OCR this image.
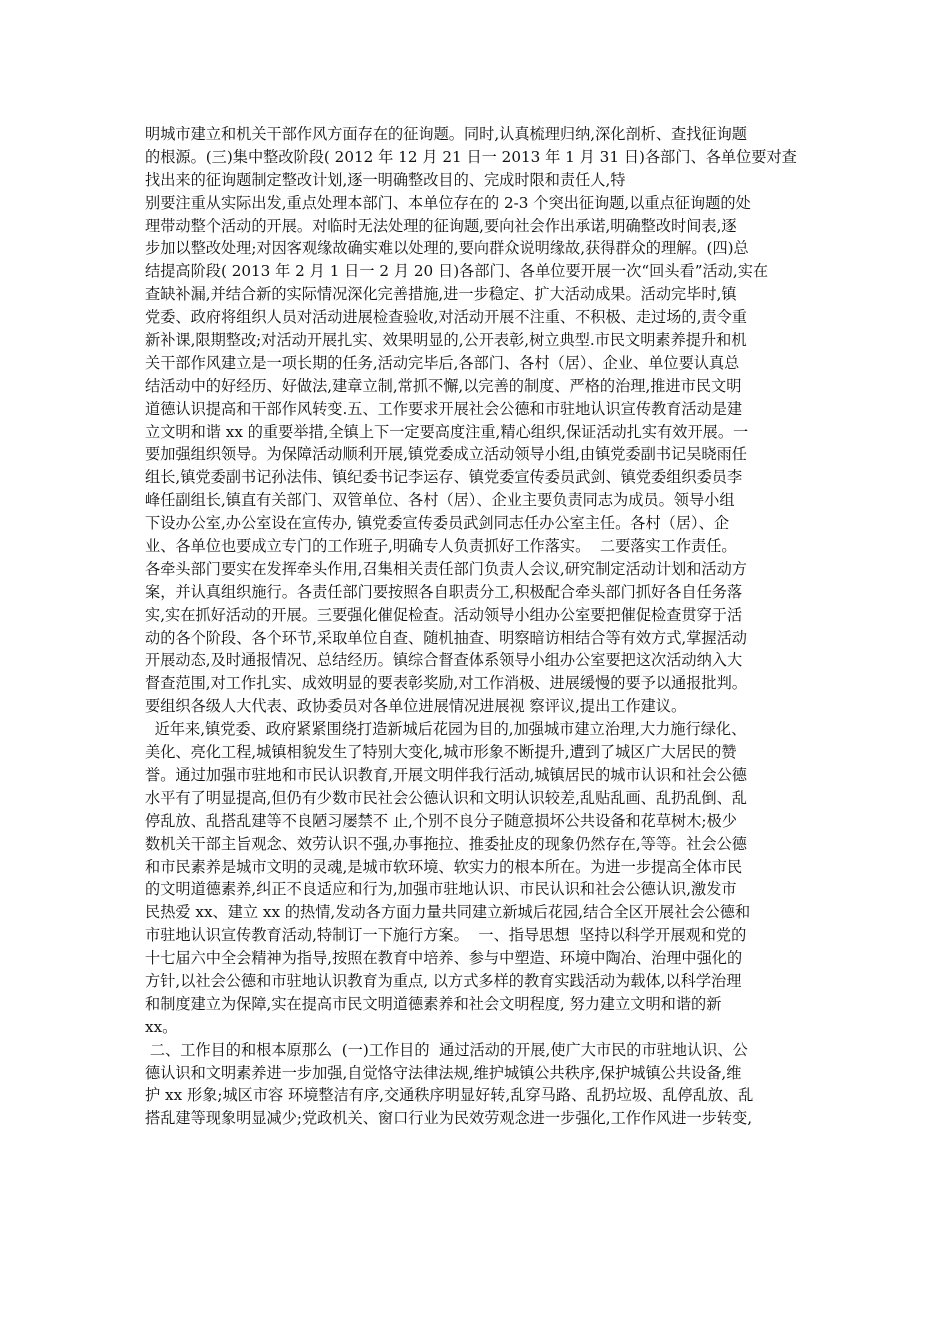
明城市建立和机关干部作风方面存在的征询题。同时,认真梳理归纳,深化剖析、查找征询题
的根源。(三)集中整改阶段( 2012 年 12 月 21 日一 2013 年 1 月 31 日)各部门、各单位要对查
找出来的征询题制定整改计划,逐一明确整改目的、完成时限和责任人,特
别要注重从实际出发,重点处理本部门、本单位存在的 2-3 个突出征询题,以重点征询题的处
理带动整个活动的开展。对临时无法处理的征询题,要向社会作出承诺,明确整改时间表,逐
步加以整改处理;对因客观缘故确实难以处理的,要向群众说明缘故,获得群众的理解。(四)总
结提高阶段( 2013 年 2 月 1 日一 2 月 20 日)各部门、各单位要开展一次“回头看”活动,实在
查缺补漏,并结合新的实际情况深化完善措施,进一步稳定、扩大活动成果。活动完毕时,镇
党委、政府将组织人员对活动进展检查验收,对活动开展不注重、不积极、走过场的,责令重
新补课,限期整改;对活动开展扎实、效果明显的,公开表彰,树立典型.市民文明素养提升和机
关干部作风建立是一项长期的任务,活动完毕后,各部门、各村（居）、企业、单位要认真总
结活动中的好经历、好做法,建章立制,常抓不懈,以完善的制度、严格的治理,推进市民文明
道德认识提高和干部作风转变.五、工作要求开展社会公德和市驻地认识宣传教育活动是建
立文明和谐 xx 的重要举措,全镇上下一定要高度注重,精心组织,保证活动扎实有效开展。一
要加强组织领导。为保障活动顺利开展,镇党委成立活动领导小组,由镇党委副书记吴晓雨任
组长,镇党委副书记孙法伟、镇纪委书记李运存、镇党委宣传委员武剑、镇党委组织委员李
峰任副组长,镇直有关部门、双管单位、各村（居）、企业主要负责同志为成员。领导小组
下设办公室,办公室设在宣传办, 镇党委宣传委员武剑同志任办公室主任。各村（居）、企
业、各单位也要成立专门的工作班子,明确专人负责抓好工作落实。  二要落实工作责任。
各牵头部门要实在发挥牵头作用,召集相关责任部门负责人会议,研究制定活动计划和活动方
案，并认真组织施行。各责任部门要按照各自职责分工,积极配合牵头部门抓好各自任务落
实,实在抓好活动的开展。三要强化催促检查。活动领导小组办公室要把催促检查贯穿于活
动的各个阶段、各个环节,采取单位自查、随机抽查、明察暗访相结合等有效方式,掌握活动
开展动态,及时通报情况、总结经历。镇综合督查体系领导小组办公室要把这次活动纳入大
督查范围,对工作扎实、成效明显的要表彰奖励,对工作消极、进展缓慢的要予以通报批判。
要组织各级人大代表、政协委员对各单位进展情况进展视 察评议,提出工作建议。
近年来,镇党委、政府紧紧围绕打造新城后花园为目的,加强城市建立治理,大力施行绿化、
美化、亮化工程,城镇相貌发生了特别大变化,城市形象不断提升,遭到了城区广大居民的赞
誉。通过加强市驻地和市民认识教育,开展文明伴我行活动,城镇居民的城市认识和社会公德
水平有了明显提高,但仍有少数市民社会公德认识和文明认识较差,乱贴乱画、乱扔乱倒、乱
停乱放、乱搭乱建等不良陋习屡禁不 止,个别不良分子随意损坏公共设备和花草树木;极少
数机关干部主旨观念、效劳认识不强,办事拖拉、推委扯皮的现象仍然存在,等等。社会公德
和市民素养是城市文明的灵魂,是城市软环境、软实力的根本所在。为进一步提高全体市民
的文明道德素养,纠正不良适应和行为,加强市驻地认识、市民认识和社会公德认识,激发市
民热爱 xx、建立 xx 的热情,发动各方面力量共同建立新城后花园,结合全区开展社会公德和
市驻地认识宣传教育活动,特制订一下施行方案。  一、指导思想  坚持以科学开展观和党的
十七届六中全会精神为指导,按照在教育中培养、参与中塑造、环境中陶冶、治理中强化的
方针,以社会公德和市驻地认识教育为重点, 以方式多样的教育实践活动为载体,以科学治理
和制度建立为保障,实在提高市民文明道德素养和社会文明程度, 努力建立文明和谐的新
xx。
二、工作目的和根本原那么  (一)工作目的  通过活动的开展,使广大市民的市驻地认识、公
德认识和文明素养进一步加强,自觉恪守法律法规,维护城镇公共秩序,保护城镇公共设备,维
护 xx 形象;城区市容 环境整洁有序,交通秩序明显好转,乱穿马路、乱扔垃圾、乱停乱放、乱
搭乱建等现象明显减少;党政机关、窗口行业为民效劳观念进一步强化,工作作风进一步转变,
